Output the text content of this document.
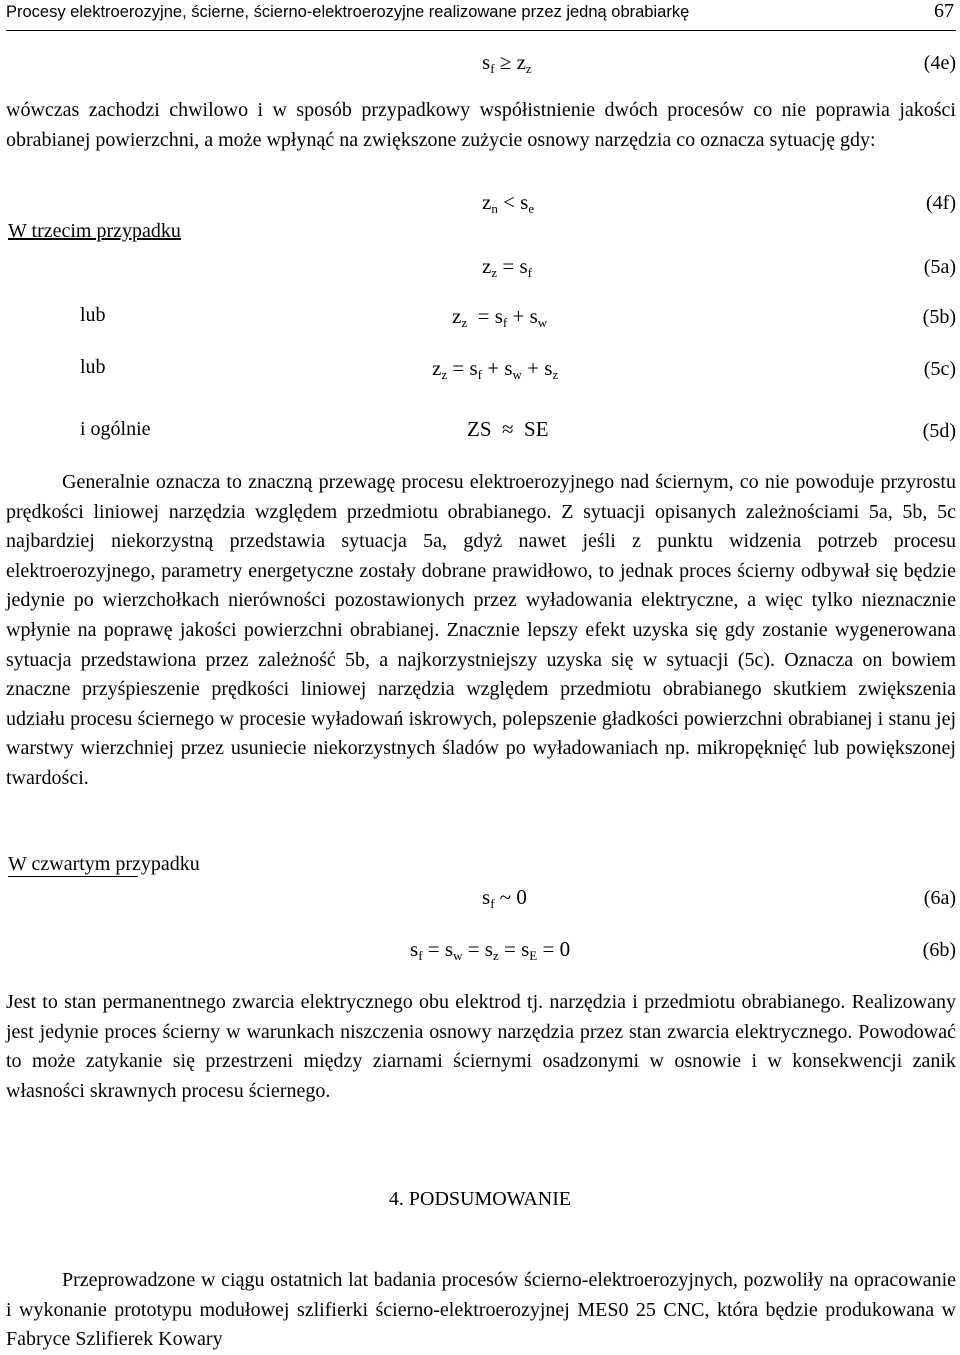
Procesy elektroerozyjne, ścierne, ścierno-elektroerozyjne realizowane przez jedną obrabiarkę	67
$s_f \ge z_z$	(4e)

wówczas zachodzi chwilowo i w sposób przypadkowy współistnienie dwóch procesów co nie poprawia jakości obrabianej powierzchni, a może wpłynąć na zwiększone zużycie osnowy narzędzia co oznacza sytuację gdy:

$z_n < s_e$	(4f)
W trzecim przypadku
$z_z = s_f$	(5a)
lub	$z_z = s_f + s_w$	(5b)
lub	$z_z = s_f + s_w + s_z$	(5c)
i ogólnie	ZS ≈ SE	(5d)

Generalnie oznacza to znaczną przewagę procesu elektroerozyjnego nad ściernym, co nie powoduje przyrostu prędkości liniowej narzędzia względem przedmiotu obrabianego. Z sytuacji opisanych zależnościami 5a, 5b, 5c najbardziej niekorzystną przedstawia sytuacja 5a, gdyż nawet jeśli z punktu widzenia potrzeb procesu elektroerozyjnego, parametry energetyczne zostały dobrane prawidłowo, to jednak proces ścierny odbywał się będzie jedynie po wierzchołkach nierówności pozostawionych przez wyładowania elektryczne, a więc tylko nieznacznie wpłynie na poprawę jakości powierzchni obrabianej. Znacznie lepszy efekt uzyska się gdy zostanie wygenerowana sytuacja przedstawiona przez zależność 5b, a najkorzystniejszy uzyska się w sytuacji (5c). Oznacza on bowiem znaczne przyśpieszenie prędkości liniowej narzędzia względem przedmiotu obrabianego skutkiem zwiększenia udziału procesu ściernego w procesie wyładowań iskrowych, polepszenie gładkości powierzchni obrabianej i stanu jej warstwy wierzchniej przez usuniecie niekorzystnych śladów po wyładowaniach np. mikropęknięć lub powiększonej twardości.

W czwartym przypadku
$s_f$ ~ 0	(6a)
$s_f = s_w = s_z = s_E = 0$	(6b)

Jest to stan permanentnego zwarcia elektrycznego obu elektrod tj. narzędzia i przedmiotu obrabianego. Realizowany jest jedynie proces ścierny w warunkach niszczenia osnowy narzędzia przez stan zwarcia elektrycznego. Powodować to może zatykanie się przestrzeni między ziarnami ściernymi osadzonymi w osnowie i w konsekwencji zanik własności skrawnych procesu ściernego.

4. PODSUMOWANIE

Przeprowadzone w ciągu ostatnich lat badania procesów ścierno-elektroerozyjnych, pozwoliły na opracowanie i wykonanie prototypu modułowej szlifierki ścierno-elektroerozyjnej MES0 25 CNC, która będzie produkowana w Fabryce Szlifierek Kowary
